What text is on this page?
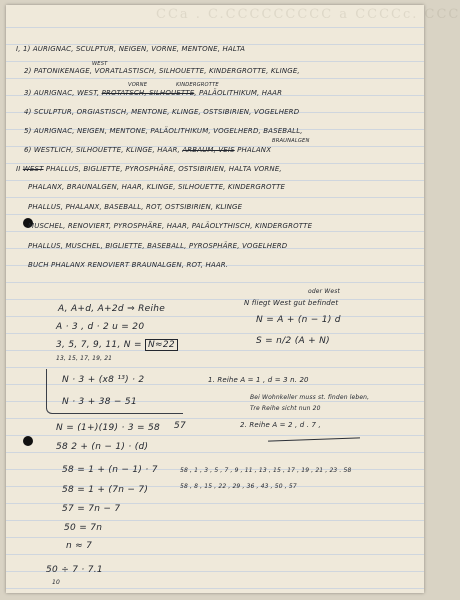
CCa . C.CCCCCCCCC a CCCCc. CCC
I, 1) AURIGNAC, SCULPTUR, NEIGEN, VORNE, MENTONE, HALTA
WEST
2) PATONIKENAGE, VORATLASTISCH, SILHOUETTE, KINDERGROTTE, KLINGE,
VORNE	KINDERGROTTE
3) AURIGNAC, WEST, PROTATSCH, SILHOUETTE, PALÄOLITHIKUM, HAAR
4) SCULPTUR, ORGIASTISCH, MENTONE, KLINGE, OSTSIBIRIEN, VOGELHERD
5) AURIGNAC, NEIGEN, MENTONE, PALÄOLITHIKUM, VOGELHERD, BASEBALL,
BRAUNALGEN
6) WESTLICH, SILHOUETTE, KLINGE, HAAR, ARBAUM, VEIS PHALANX
II WEST PHALLUS, BIGLIETTE, PYROSPHÄRE, OSTSIBIRIEN, HALTA VORNE,
PHALANX, BRAUNALGEN, HAAR, KLINGE, SILHOUETTE, KINDERGROTTE
PHALLUS, PHALANX, BASEBALL, ROT, OSTSIBIRIEN, KLINGE
MUSCHEL, RENOVIERT, PYROSPHÄRE, HAAR, PALÄOLYTHISCH, KINDERGROTTE
PHALLUS, MUSCHEL, BIGLIETTE, BASEBALL, PYROSPHÄRE, VOGELHERD
BUCH PHALANX RENOVIERT BRAUNALGEN, ROT, HAAR.
A, A+d, A+2d ⇒ Reihe
A · 3 , d · 2 u = 20
3, 5, 7, 9, 11, N = N≈22
13, 15, 17, 19, 21
N · 3 + (x8 ¹³) · 2
N · 3 + 38 − 51
57
oder West
N fliegt West gut befindet
N = A + (n − 1) d
S = n/2 (A + N)
1. Reihe A = 1 , d = 3 n. 20
Bei Wohnkeller muss st. finden leben,
Tre Reihe sicht nun 20
2. Reihe A = 2 , d . 7 ,
58 , 1 , 3 , 5 , 7 , 9 , 11 , 13 , 15 , 17 , 19 , 21 , 23 . 58
58 , 8 , 15 , 22 , 29 , 36 , 43 , 50 , 57
N = (1+)(19) · 3 = 58
58 2 + (n − 1) · (d)
58 = 1 + (n − 1) · 7
58 = 1 + (7n − 7)
57 = 7n − 7
50 = 7n
n ≈ 7
50 ÷ 7 · 7.1
10
